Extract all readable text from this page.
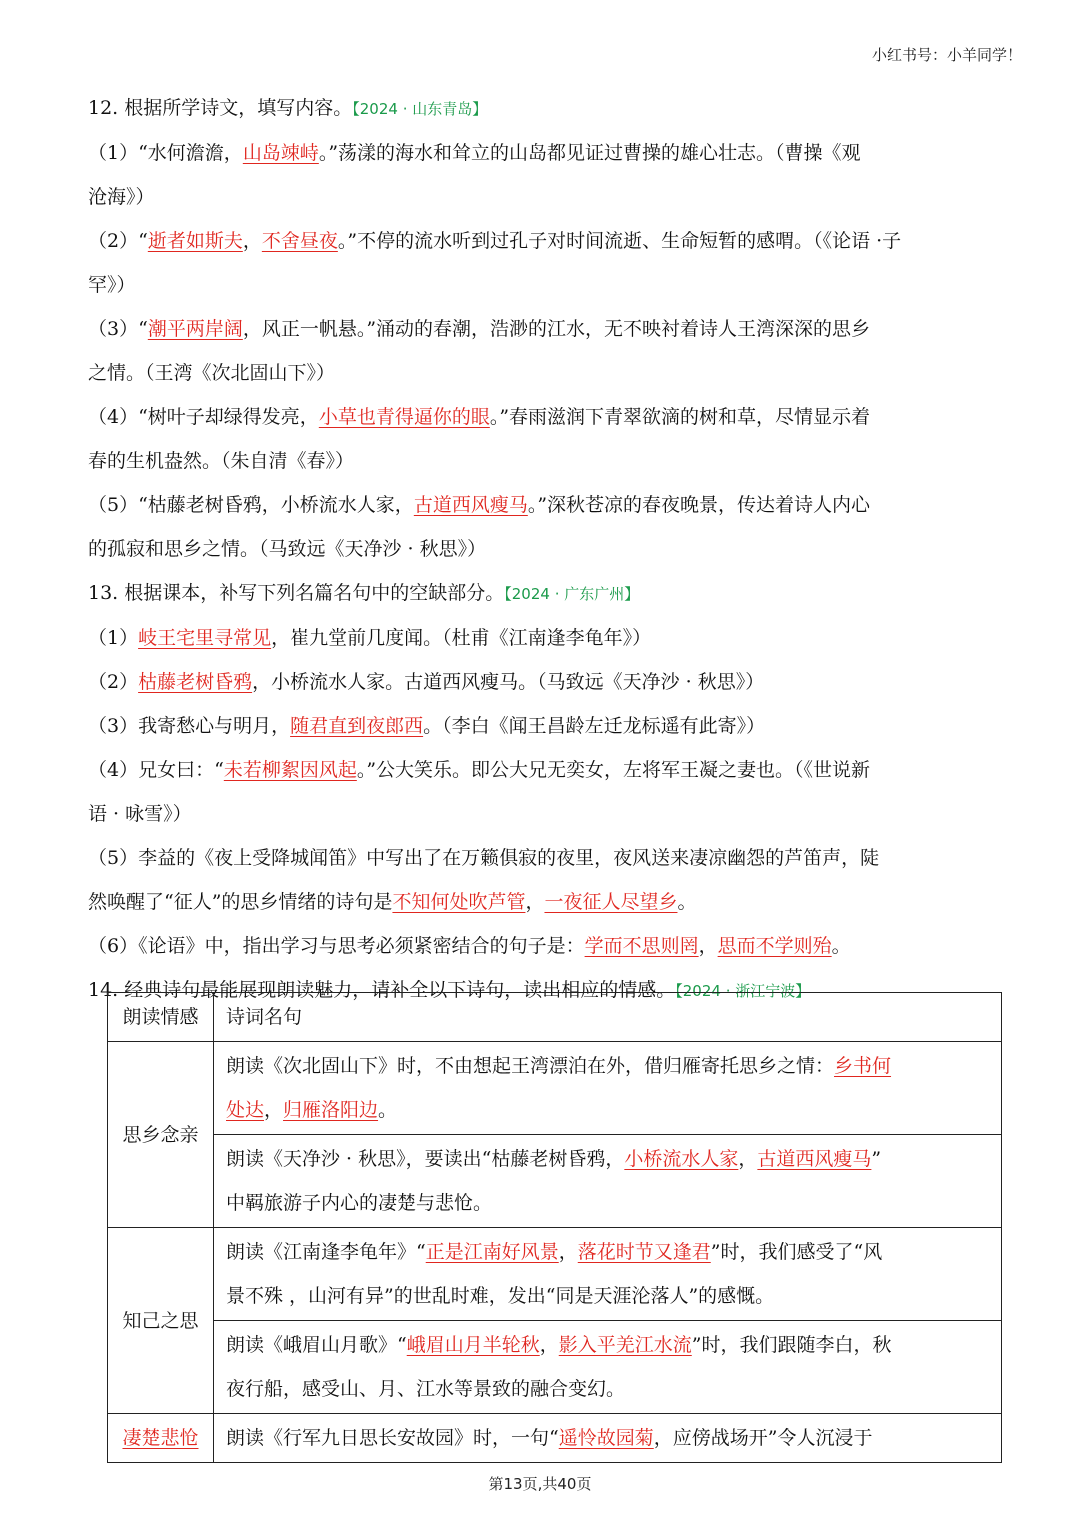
小红书号：小羊同学！
12. 根据所学诗文，填写内容。【2024 · 山东青岛】
（1）“水何澹澹，山岛竦峙。”荡漾的海水和耸立的山岛都见证过曹操的雄心壮志。（曹操《观
沧海》）
（2）“逝者如斯夫，不舍昼夜。”不停的流水听到过孔子对时间流逝、生命短暂的感喟。（《论语 ·子
罕》）
（3）“潮平两岸阔，风正一帆悬。”涌动的春潮，浩渺的江水，无不映衬着诗人王湾深深的思乡
之情。（王湾《次北固山下》）
（4）“树叶子却绿得发亮，小草也青得逼你的眼。”春雨滋润下青翠欲滴的树和草，尽情显示着
春的生机盎然。（朱自清《春》）
（5）“枯藤老树昏鸦，小桥流水人家，古道西风瘦马。”深秋苍凉的春夜晚景，传达着诗人内心
的孤寂和思乡之情。（马致远《天净沙 · 秋思》）
13. 根据课本，补写下列名篇名句中的空缺部分。【2024 · 广东广州】
（1）岐王宅里寻常见，崔九堂前几度闻。（杜甫《江南逢李龟年》）
（2）枯藤老树昏鸦，小桥流水人家。古道西风瘦马。（马致远《天净沙 · 秋思》）
（3）我寄愁心与明月，随君直到夜郎西。（李白《闻王昌龄左迁龙标遥有此寄》）
（4）兄女曰：“未若柳絮因风起。”公大笑乐。即公大兄无奕女，左将军王凝之妻也。（《世说新
语 · 咏雪》）
（5）李益的《夜上受降城闻笛》中写出了在万籁俱寂的夜里，夜风送来凄凉幽怨的芦笛声，陡
然唤醒了“征人”的思乡情绪的诗句是不知何处吹芦管，一夜征人尽望乡。
（6）《论语》中，指出学习与思考必须紧密结合的句子是：学而不思则罔，思而不学则殆。
14. 经典诗句最能展现朗读魅力，请补全以下诗句，读出相应的情感。【2024 · 浙江宁波】
朗读情感	诗词名句
思乡念亲	朗读《次北固山下》时，不由想起王湾漂泊在外，借归雁寄托思乡之情：乡书何
处达，归雁洛阳边。
	朗读《天净沙 · 秋思》，要读出“枯藤老树昏鸦，小桥流水人家，古道西风瘦马”
中羁旅游子内心的凄楚与悲怆。
知己之思	朗读《江南逢李龟年》“正是江南好风景，落花时节又逢君”时，我们感受了“风
景不殊 ，山河有异”的世乱时难，发出“同是天涯沦落人”的感慨。
	朗读《峨眉山月歌》“峨眉山月半轮秋，影入平羌江水流”时，我们跟随李白，秋
夜行船，感受山、月、江水等景致的融合变幻。
凄楚悲怆	朗读《行军九日思长安故园》时，一句“遥怜故园菊，应傍战场开”令人沉浸于
第13页,共40页
